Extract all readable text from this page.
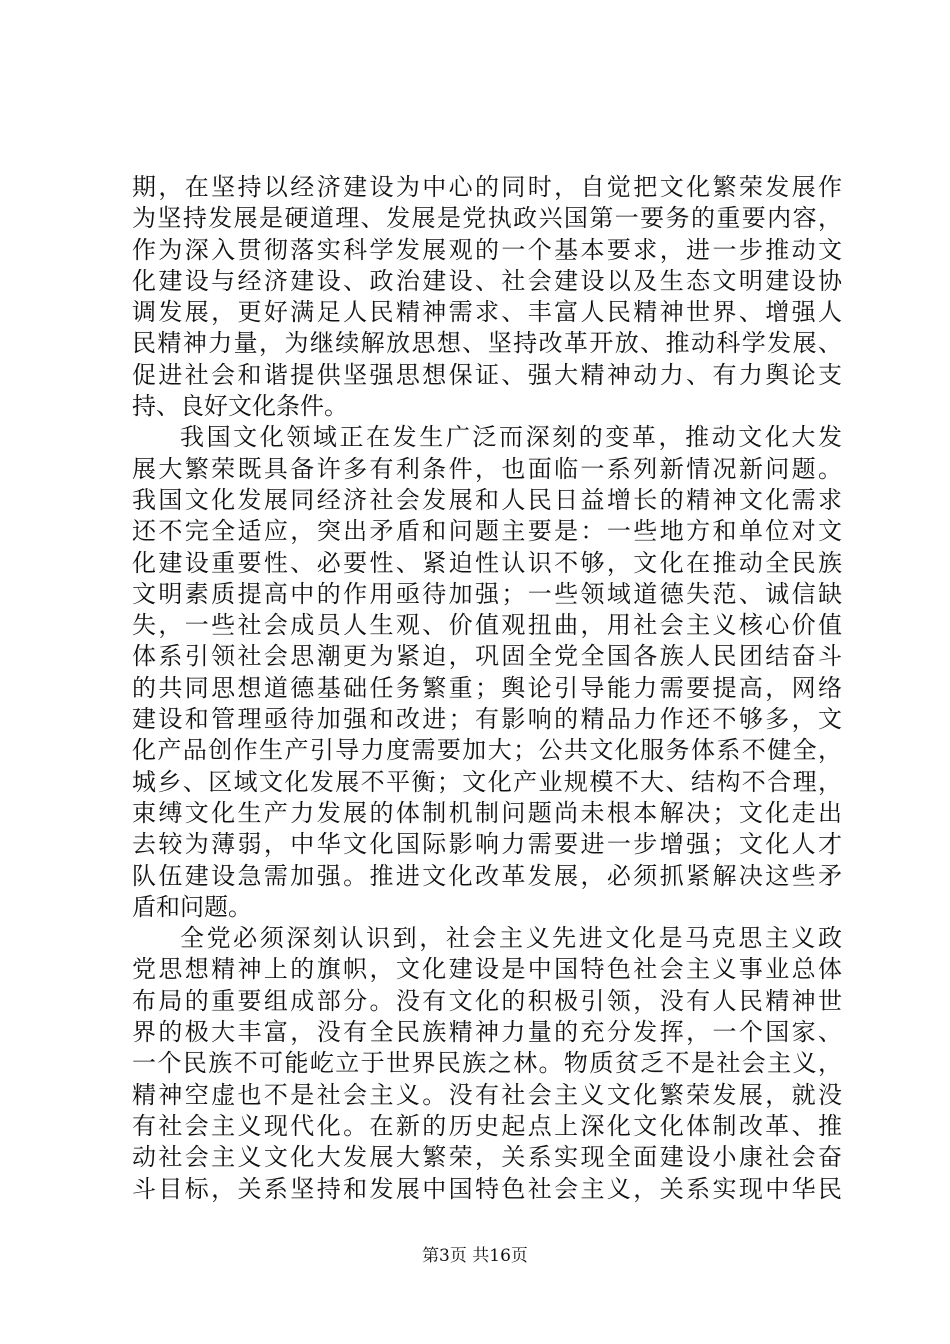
期，在坚持以经济建设为中心的同时，自觉把文化繁荣发展作
为坚持发展是硬道理、发展是党执政兴国第一要务的重要内容，
作为深入贯彻落实科学发展观的一个基本要求，进一步推动文
化建设与经济建设、政治建设、社会建设以及生态文明建设协
调发展，更好满足人民精神需求、丰富人民精神世界、增强人
民精神力量，为继续解放思想、坚持改革开放、推动科学发展、
促进社会和谐提供坚强思想保证、强大精神动力、有力舆论支
持、良好文化条件。
我国文化领域正在发生广泛而深刻的变革，推动文化大发
展大繁荣既具备许多有利条件，也面临一系列新情况新问题。
我国文化发展同经济社会发展和人民日益增长的精神文化需求
还不完全适应，突出矛盾和问题主要是：一些地方和单位对文
化建设重要性、必要性、紧迫性认识不够，文化在推动全民族
文明素质提高中的作用亟待加强；一些领域道德失范、诚信缺
失，一些社会成员人生观、价值观扭曲，用社会主义核心价值
体系引领社会思潮更为紧迫，巩固全党全国各族人民团结奋斗
的共同思想道德基础任务繁重；舆论引导能力需要提高，网络
建设和管理亟待加强和改进；有影响的精品力作还不够多，文
化产品创作生产引导力度需要加大；公共文化服务体系不健全，
城乡、区域文化发展不平衡；文化产业规模不大、结构不合理，
束缚文化生产力发展的体制机制问题尚未根本解决；文化走出
去较为薄弱，中华文化国际影响力需要进一步增强；文化人才
队伍建设急需加强。推进文化改革发展，必须抓紧解决这些矛
盾和问题。
全党必须深刻认识到，社会主义先进文化是马克思主义政
党思想精神上的旗帜，文化建设是中国特色社会主义事业总体
布局的重要组成部分。没有文化的积极引领，没有人民精神世
界的极大丰富，没有全民族精神力量的充分发挥，一个国家、
一个民族不可能屹立于世界民族之林。物质贫乏不是社会主义，
精神空虚也不是社会主义。没有社会主义文化繁荣发展，就没
有社会主义现代化。在新的历史起点上深化文化体制改革、推
动社会主义文化大发展大繁荣，关系实现全面建设小康社会奋
斗目标，关系坚持和发展中国特色社会主义，关系实现中华民
第3页 共16页
